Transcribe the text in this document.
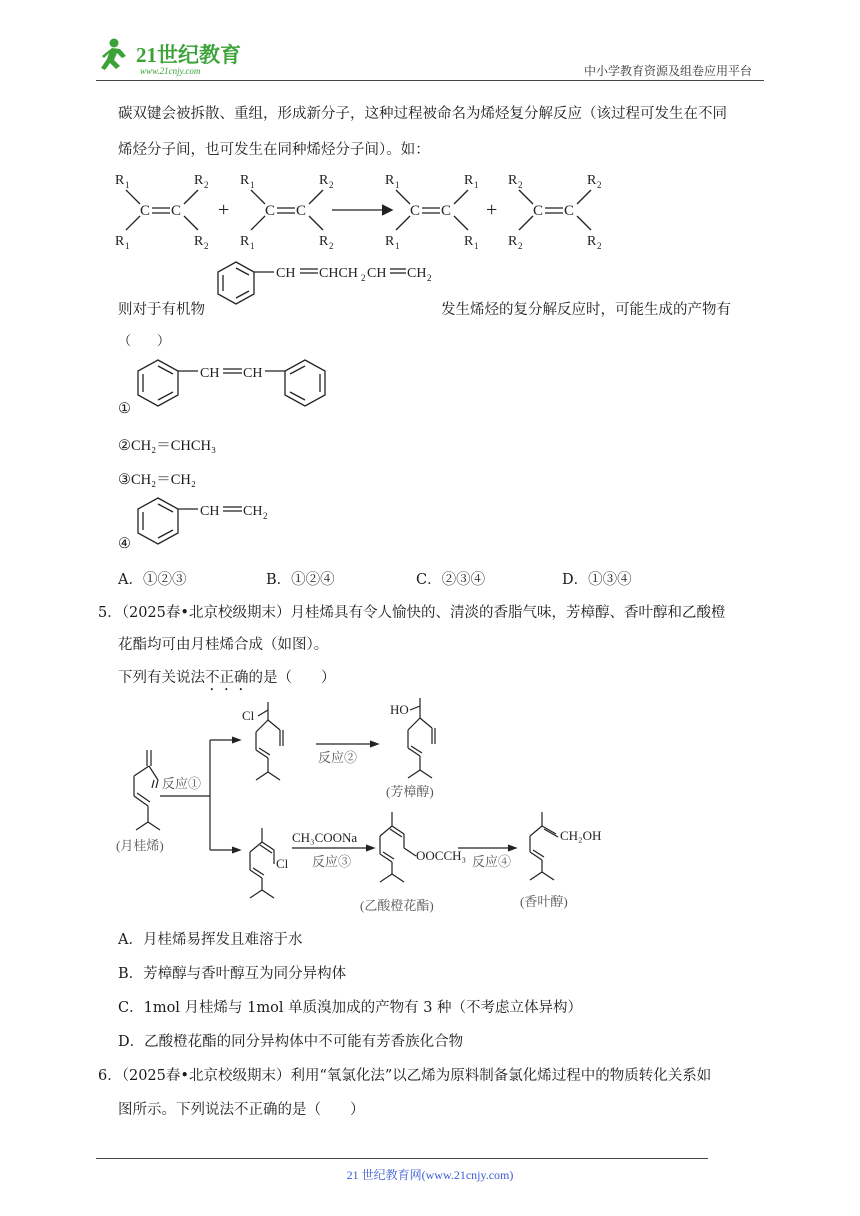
21世纪教育
www.21cnjy.com	中小学教育资源及组卷应用平台
碳双键会被拆散、重组，形成新分子，这种过程被命名为烯烃复分解反应（该过程可发生在不同
烯烃分子间，也可发生在同种烯烃分子间）。如：
R 1	R 2
R 1	R 2
C C +
R 1	R 2
R 1	R 2
C C
R 1	R 1
R 1	R 1
C C +
R 2	R 2
R 2	R 2
C C
则对于有机物
CH CHCH 2 CH CH 2
发生烯烃的复分解反应时，可能生成的产物有
（　　）
CH CH
①
②CH₂＝CHCH₃
③CH₂＝CH₂
CH CH 2
④
A．①②③	B．①②④	C．②③④	D．①③④
5．（2025春•北京校级期末）月桂烯具有令人愉快的、清淡的香脂气味，芳樟醇、香叶醇和乙酸橙
花酯均可由月桂烯合成（如图）。
下列有关说法不正确的是（　　）
(月桂烯)
反应①
Cl
反应②
HO
(芳樟醇)
Cl
CH₃COONa
反应③	OOCCH₃
(乙酸橙花酯)
反应④
CH₂OH
(香叶醇)
A．月桂烯易挥发且难溶于水
B．芳樟醇与香叶醇互为同分异构体
C．1mol 月桂烯与 1mol 单质溴加成的产物有 3 种（不考虑立体异构）
D．乙酸橙花酯的同分异构体中不可能有芳香族化合物
6．（2025春•北京校级期末）利用“氧氯化法”以乙烯为原料制备氯化烯过程中的物质转化关系如
图所示。下列说法不正确的是（　　）
21 世纪教育网(www.21cnjy.com)
